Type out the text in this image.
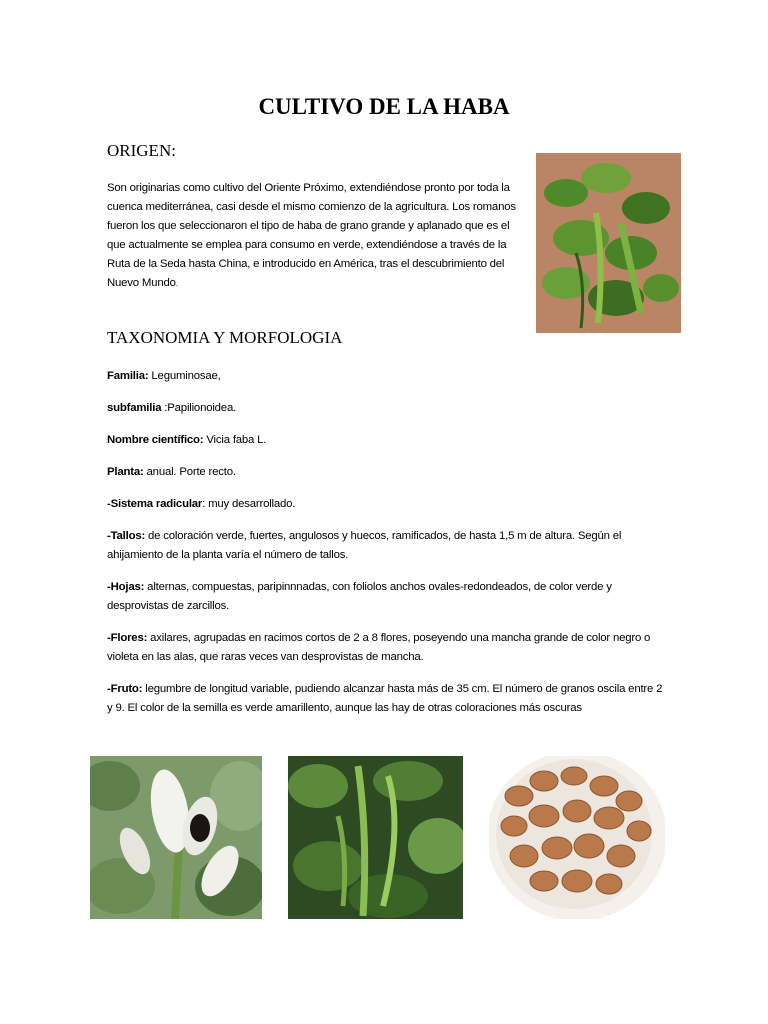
CULTIVO DE LA HABA
ORIGEN:

Son originarias como cultivo del Oriente Próximo, extendiéndose pronto por toda la cuenca mediterránea, casi desde el mismo comienzo de la agricultura. Los romanos fueron los que seleccionaron el tipo de haba de grano grande y aplanado que es el que actualmente se emplea para consumo en verde, extendiéndose a través de la Ruta de la Seda hasta China, e introducido en América, tras el descubrimiento del Nuevo Mundo.

TAXONOMIA Y MORFOLOGIA

Familia: Leguminosae,

subfamilia :Papilionoidea.

Nombre científico: Vicia faba L.

Planta: anual. Porte recto.

-Sistema radicular: muy desarrollado.

-Tallos: de coloración verde, fuertes, angulosos y huecos, ramificados, de hasta 1,5 m de altura. Según el ahijamiento de la planta varía el número de tallos.

-Hojas: alternas, compuestas, paripinnnadas, con foliolos anchos ovales-redondeados, de color verde y desprovistas de zarcillos.

-Flores: axilares, agrupadas en racimos cortos de 2 a 8 flores, poseyendo una mancha grande de color negro o violeta en las alas, que raras veces van desprovistas de mancha.

-Fruto: legumbre de longitud variable, pudiendo alcanzar hasta más de 35 cm. El número de granos oscila entre 2 y 9. El color de la semilla es verde amarillento, aunque las hay de otras coloraciones más oscuras
